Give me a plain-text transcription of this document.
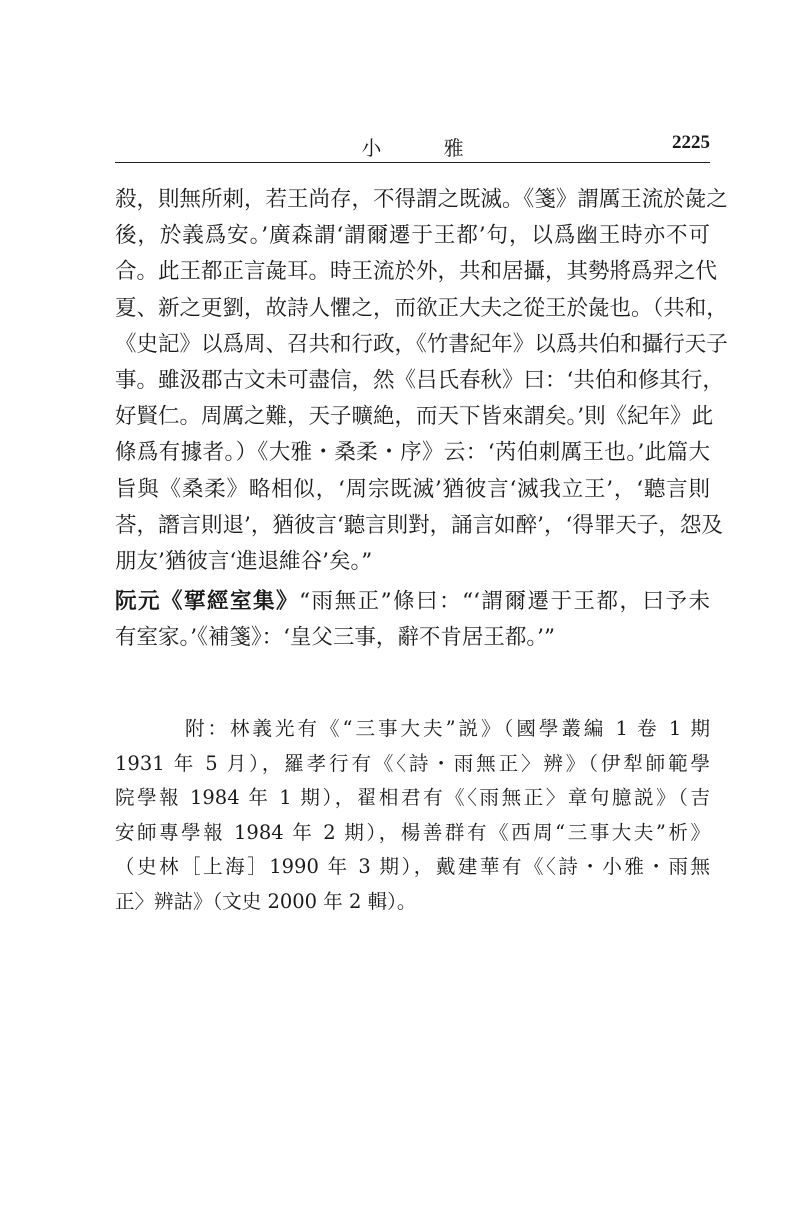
小 雅	2225
殺，則無所刺，若王尚存，不得謂之既滅。《箋》謂厲王流於彘之
後，於義爲安。’廣森謂‘謂爾遷于王都’句，以爲幽王時亦不可
合。此王都正言彘耳。時王流於外，共和居攝，其勢將爲羿之代
夏、新之更劉，故詩人懼之，而欲正大夫之從王於彘也。（共和，
《史記》以爲周、召共和行政，《竹書紀年》以爲共伯和攝行天子
事。雖汲郡古文未可盡信，然《吕氏春秋》曰：‘共伯和修其行，
好賢仁。周厲之難，天子曠絶，而天下皆來謂矣。’則《紀年》此
條爲有據者。）《大雅・桑柔・序》云：‘芮伯刺厲王也。’此篇大
旨與《桑柔》略相似，‘周宗既滅’猶彼言‘滅我立王’，‘聽言則
荅，譖言則退’，猶彼言‘聽言則對，誦言如醉’，‘得罪天子，怨及
朋友’猶彼言‘進退維谷’矣。”
阮元《揅經室集》“雨無正”條曰：“‘謂爾遷于王都，曰予未
有室家。’《補箋》：‘皇父三事，辭不肯居王都。’”
附：林義光有《“三事大夫”説》（國學叢編 1 卷 1 期
1931 年 5 月），羅孝行有《〈詩・雨無正〉辨》（伊犁師範學
院學報 1984 年 1 期），翟相君有《〈雨無正〉章句臆説》（吉
安師專學報 1984 年 2 期），楊善群有《西周“三事大夫”析》
（史林［上海］1990 年 3 期），戴建華有《〈詩・小雅・雨無
正〉辨詁》（文史 2000 年 2 輯）。
